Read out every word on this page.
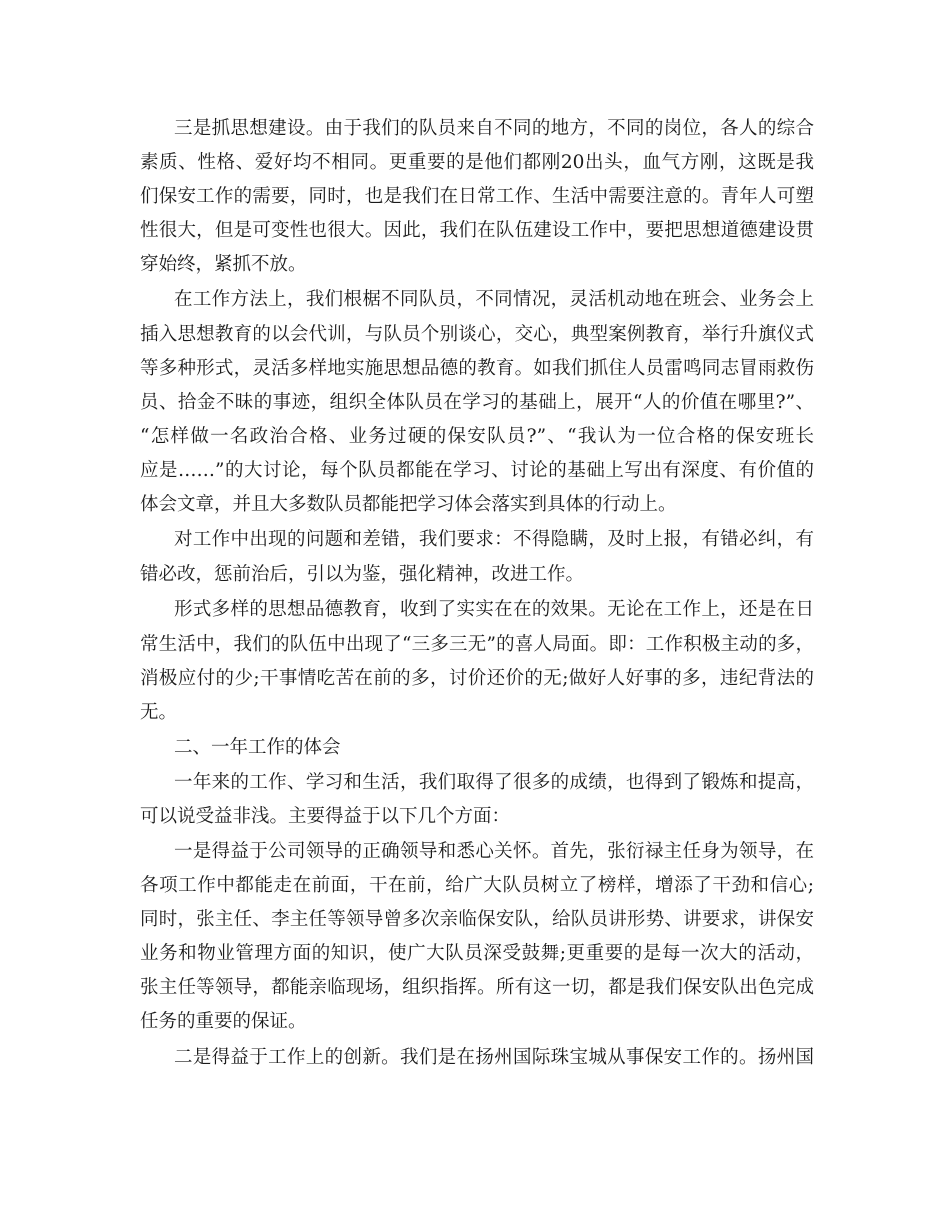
三是抓思想建设。由于我们的队员来自不同的地方，不同的岗位，各人的综合
素质、性格、爱好均不相同。更重要的是他们都刚20出头，血气方刚，这既是我
们保安工作的需要，同时，也是我们在日常工作、生活中需要注意的。青年人可塑
性很大，但是可变性也很大。因此，我们在队伍建设工作中，要把思想道德建设贯
穿始终，紧抓不放。
在工作方法上，我们根椐不同队员，不同情况，灵活机动地在班会、业务会上
插入思想教育的以会代训，与队员个别谈心，交心，典型案例教育，举行升旗仪式
等多种形式，灵活多样地实施思想品德的教育。如我们抓住人员雷鸣同志冒雨救伤
员、拾金不昧的事迹，组织全体队员在学习的基础上，展开“人的价值在哪里?”、
“怎样做一名政治合格、业务过硬的保安队员?”、“我认为一位合格的保安班长
应是……”的大讨论，每个队员都能在学习、讨论的基础上写出有深度、有价值的
体会文章，并且大多数队员都能把学习体会落实到具体的行动上。
对工作中出现的问题和差错，我们要求：不得隐瞒，及时上报，有错必纠，有
错必改，惩前治后，引以为鉴，强化精神，改进工作。
形式多样的思想品德教育，收到了实实在在的效果。无论在工作上，还是在日
常生活中，我们的队伍中出现了“三多三无”的喜人局面。即：工作积极主动的多，
消极应付的少;干事情吃苦在前的多，讨价还价的无;做好人好事的多，违纪背法的
无。
二、一年工作的体会
一年来的工作、学习和生活，我们取得了很多的成绩，也得到了锻炼和提高，
可以说受益非浅。主要得益于以下几个方面：
一是得益于公司领导的正确领导和悉心关怀。首先，张衍禄主任身为领导，在
各项工作中都能走在前面，干在前，给广大队员树立了榜样，增添了干劲和信心;
同时，张主任、李主任等领导曾多次亲临保安队，给队员讲形势、讲要求，讲保安
业务和物业管理方面的知识，使广大队员深受鼓舞;更重要的是每一次大的活动，
张主任等领导，都能亲临现场，组织指挥。所有这一切，都是我们保安队出色完成
任务的重要的保证。
二是得益于工作上的创新。我们是在扬州国际珠宝城从事保安工作的。扬州国
